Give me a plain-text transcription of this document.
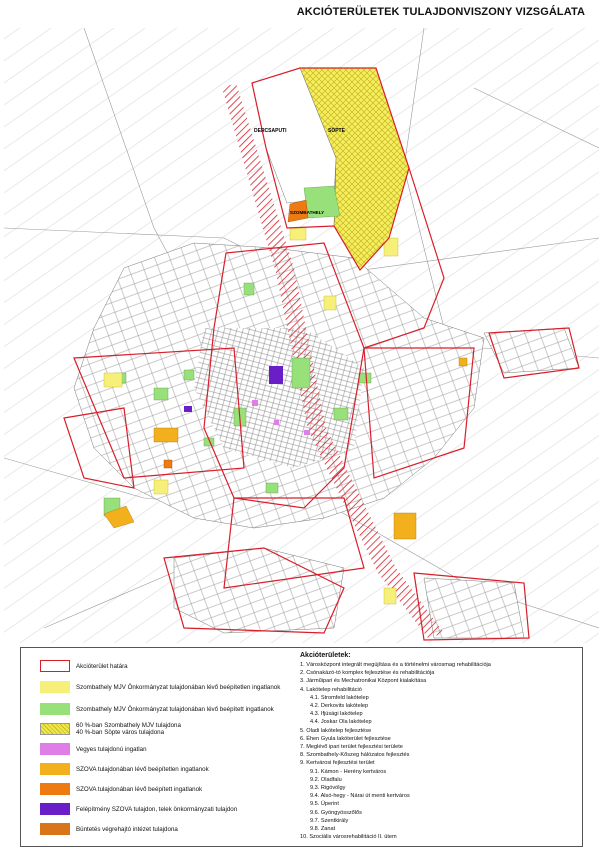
AKCIÓTERÜLETEK TULAJDONVISZONY VIZSGÁLATA
DERCSAPUTI	SÖPTE
SZOMBATHELY
Akcióterület határa
Szombathely MJV Önkormányzat tulajdonában lévő beépítetlen ingatlanok
Szombathely MJV Önkormányzat tulajdonában lévő beépített ingatlanok
60 %-ban Szombathely MJV tulajdona
40 %-ban Söpte város tulajdona
Vegyes tulajdonú ingatlan
SZOVA tulajdonában lévő beépítetlen ingatlanok
SZOVA tulajdonában lévő beépített ingatlanok
Felépítmény SZOVA tulajdon, telek önkormányzati tulajdon
Büntetés végrehajtó intézet tulajdona
Akcióterületek:
1. Városközpont integrált megújítása és a történelmi városmag rehabilitációja
2. Csónakázó-tó komplex fejlesztése és rehabilitációja
3. Járműipari és Mechatronikai Központ kialakítása
4. Lakótelep rehabilitáció
4.1. Stromfeld lakótelep
4.2. Derkovits lakótelep
4.3. Ifjúsági lakótelep
4.4. Joskar Ola lakótelep
5. Oladi lakótelep fejlesztése
6. Éhen Gyula lakóterület fejlesztése
7. Meglévő ipari terület fejlesztési területe
8. Szombathely-Kőszeg hálózatos fejlesztés
9. Kertvárosi fejlesztési terület
9.1. Kámon - Herény kertváros
9.2. Oladfalu
9.3. Rigóvölgy
9.4. Alsó-hegy - Nárai út menti kertváros
9.5. Úperint
9.6. Gyöngyösszőlős
9.7. Szentkirály
9.8. Zanat
10. Szociális városrehabilitáció II. ütem
